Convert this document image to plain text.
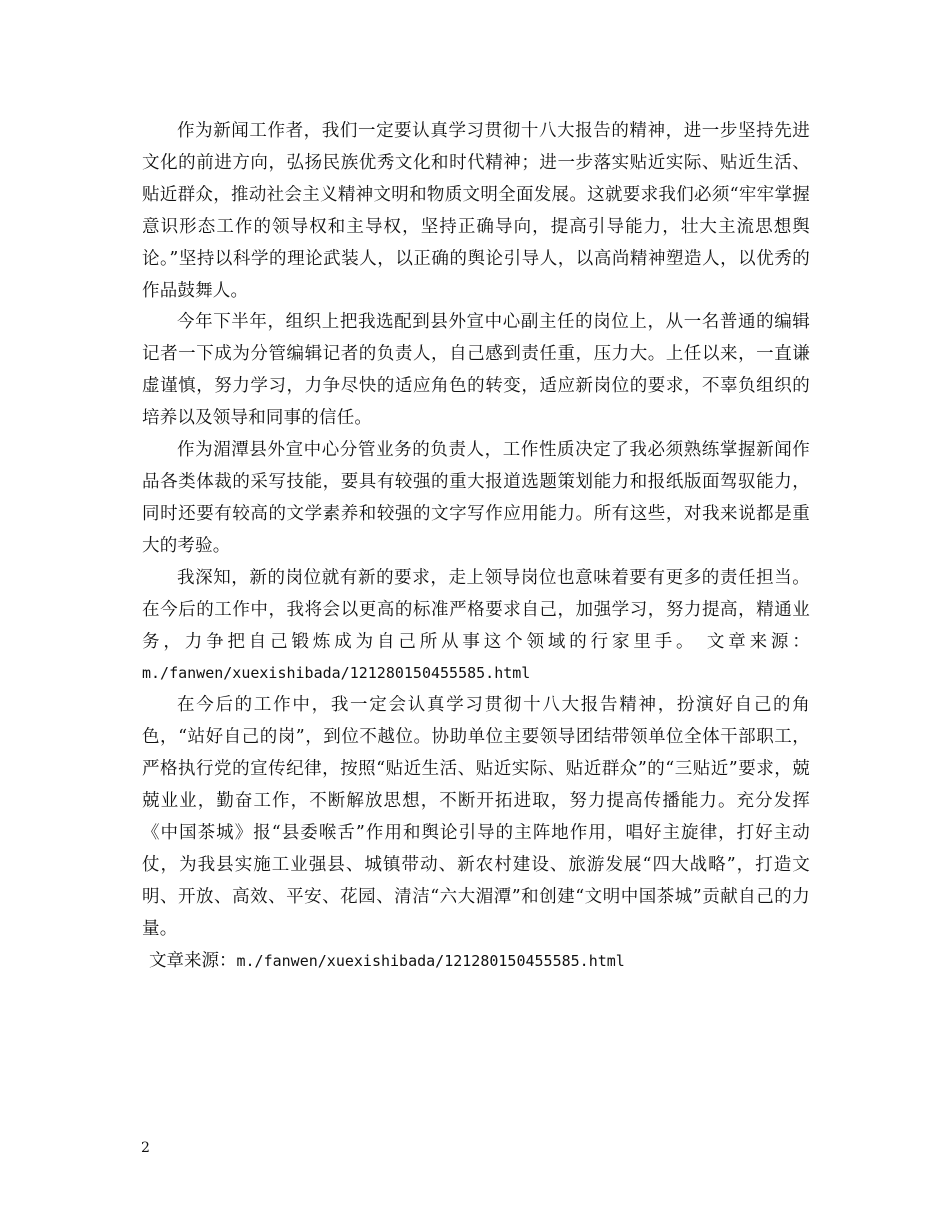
作为新闻工作者，我们一定要认真学习贯彻十八大报告的精神，进一步坚持先进文化的前进方向，弘扬民族优秀文化和时代精神；进一步落实贴近实际、贴近生活、贴近群众，推动社会主义精神文明和物质文明全面发展。这就要求我们必须“牢牢掌握意识形态工作的领导权和主导权，坚持正确导向，提高引导能力，壮大主流思想舆论。”坚持以科学的理论武装人，以正确的舆论引导人，以高尚精神塑造人，以优秀的作品鼓舞人。

今年下半年，组织上把我选配到县外宣中心副主任的岗位上，从一名普通的编辑记者一下成为分管编辑记者的负责人，自己感到责任重，压力大。上任以来，一直谦虚谨慎，努力学习，力争尽快的适应角色的转变，适应新岗位的要求，不辜负组织的培养以及领导和同事的信任。

作为湄潭县外宣中心分管业务的负责人，工作性质决定了我必须熟练掌握新闻作品各类体裁的采写技能，要具有较强的重大报道选题策划能力和报纸版面驾驭能力，同时还要有较高的文学素养和较强的文字写作应用能力。所有这些，对我来说都是重大的考验。

我深知，新的岗位就有新的要求，走上领导岗位也意味着要有更多的责任担当。在今后的工作中，我将会以更高的标准严格要求自己，加强学习，努力提高，精通业务，力争把自己锻炼成为自己所从事这个领域的行家里手。 文章来源：m./fanwen/xuexishibada/121280150455585.html

在今后的工作中，我一定会认真学习贯彻十八大报告精神，扮演好自己的角色，“站好自己的岗”，到位不越位。协助单位主要领导团结带领单位全体干部职工，严格执行党的宣传纪律，按照“贴近生活、贴近实际、贴近群众”的“三贴近”要求，兢兢业业，勤奋工作，不断解放思想，不断开拓进取，努力提高传播能力。充分发挥《中国茶城》报“县委喉舌”作用和舆论引导的主阵地作用，唱好主旋律，打好主动仗，为我县实施工业强县、城镇带动、新农村建设、旅游发展“四大战略”，打造文明、开放、高效、平安、花园、清洁“六大湄潭”和创建“文明中国茶城”贡献自己的力量。

文章来源：m./fanwen/xuexishibada/121280150455585.html

2
